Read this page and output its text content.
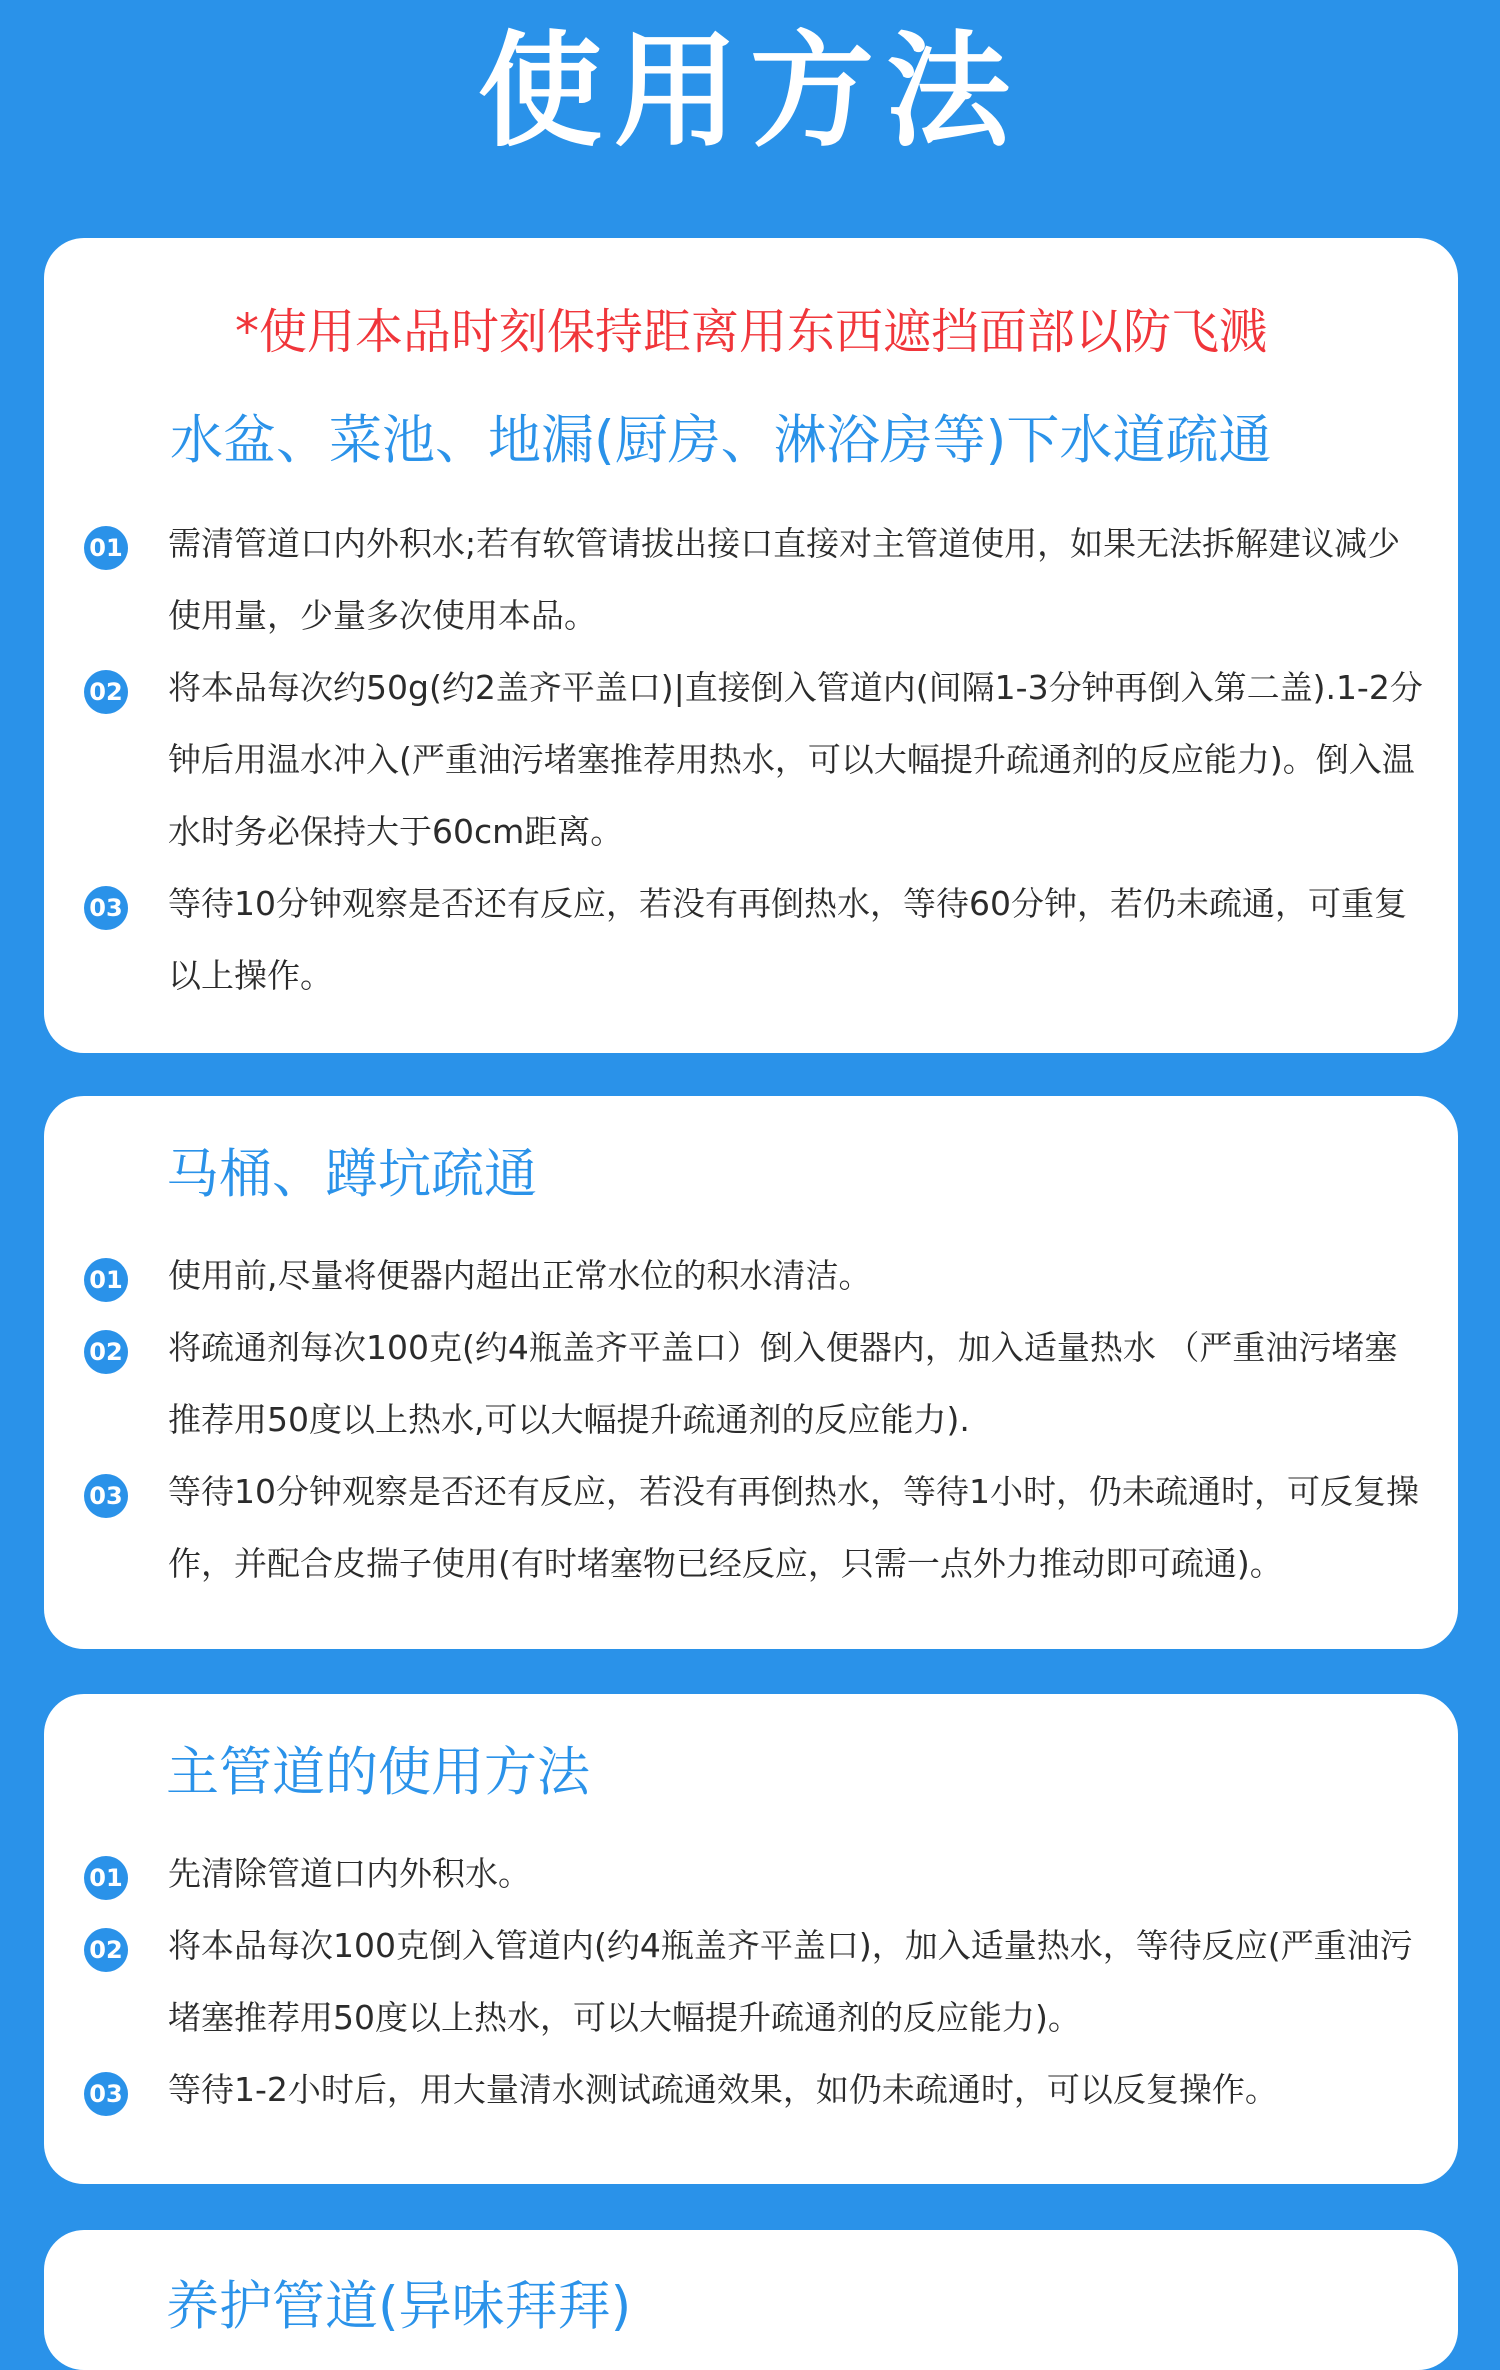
使用方法
*使用本品时刻保持距离用东西遮挡面部以防飞溅
水盆、菜池、地漏(厨房、淋浴房等)下水道疏通
01 需清管道口内外积水;若有软管请拔出接口直接对主管道使用，如果无法拆解建议减少使用量，少量多次使用本品。
02 将本品每次约50g(约2盖齐平盖口)|直接倒入管道内(间隔1-3分钟再倒入第二盖).1-2分钟后用温水冲入(严重油污堵塞推荐用热水，可以大幅提升疏通剂的反应能力)。倒入温水时务必保持大于60cm距离。
03 等待10分钟观察是否还有反应，若没有再倒热水，等待60分钟，若仍未疏通，可重复以上操作。
马桶、蹲坑疏通
01 使用前,尽量将便器内超出正常水位的积水清洁。
02 将疏通剂每次100克(约4瓶盖齐平盖口）倒入便器内，加入适量热水 （严重油污堵塞推荐用50度以上热水,可以大幅提升疏通剂的反应能力).
03 等待10分钟观察是否还有反应，若没有再倒热水，等待1小时，仍未疏通时，可反复操作，并配合皮揣子使用(有时堵塞物已经反应，只需一点外力推动即可疏通)。
主管道的使用方法
01 先清除管道口内外积水。
02 将本品每次100克倒入管道内(约4瓶盖齐平盖口)，加入适量热水，等待反应(严重油污堵塞推荐用50度以上热水，可以大幅提升疏通剂的反应能力)。
03 等待1-2小时后，用大量清水测试疏通效果，如仍未疏通时，可以反复操作。
养护管道(异味拜拜)
